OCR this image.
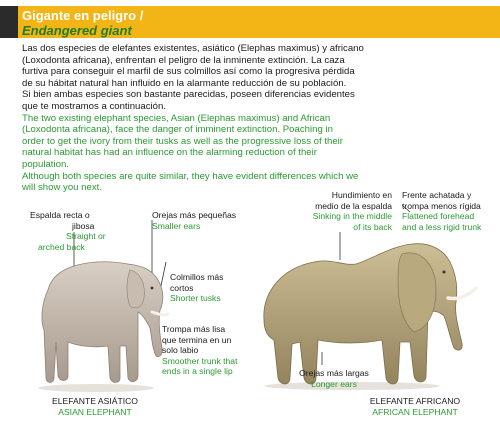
Gigante en peligro /
Endangered giant

Las dos especies de elefantes existentes, asiático (Elephas maximus) y africano

(Loxodonta africana), enfrentan el peligro de la inminente extinción. La caza

furtiva para conseguir el marfil de sus colmillos así como la progresiva pérdida

de su hábitat natural han influido en la alarmante reducción de su población.

Si bien ambas especies son bastante parecidas, poseen diferencias evidentes

que te mostramos a continuación.

The two existing elephant species, Asian (Elephas maximus) and African

(Loxodonta africana), face the danger of imminent extinction. Poaching in

order to get the ivory from their tusks as well as the progressive loss of their

natural habitat has had an influence on the alarming reduction of their

population.

Although both species are quite similar, they have evident differences which we

will show you next.

Espalda recta o
jibosa
Straight or
arched back
Orejas más pequeñas
Smaller ears
Colmillos más
cortos
Shorter tusks
Trompa más lisa
que termina en un
solo labio
Smoother trunk that
ends in a single lip
ELEFANTE ASIÁTICO
ASIAN ELEPHANT
Hundimiento en
medio de la espalda
Sinking in the middle
of its back
Frente achatada y
trompa menos rígida
Flattened forehead
and a less rigid trunk
Orejas más largas
Longer ears
ELEFANTE AFRICANO
AFRICAN ELEPHANT
